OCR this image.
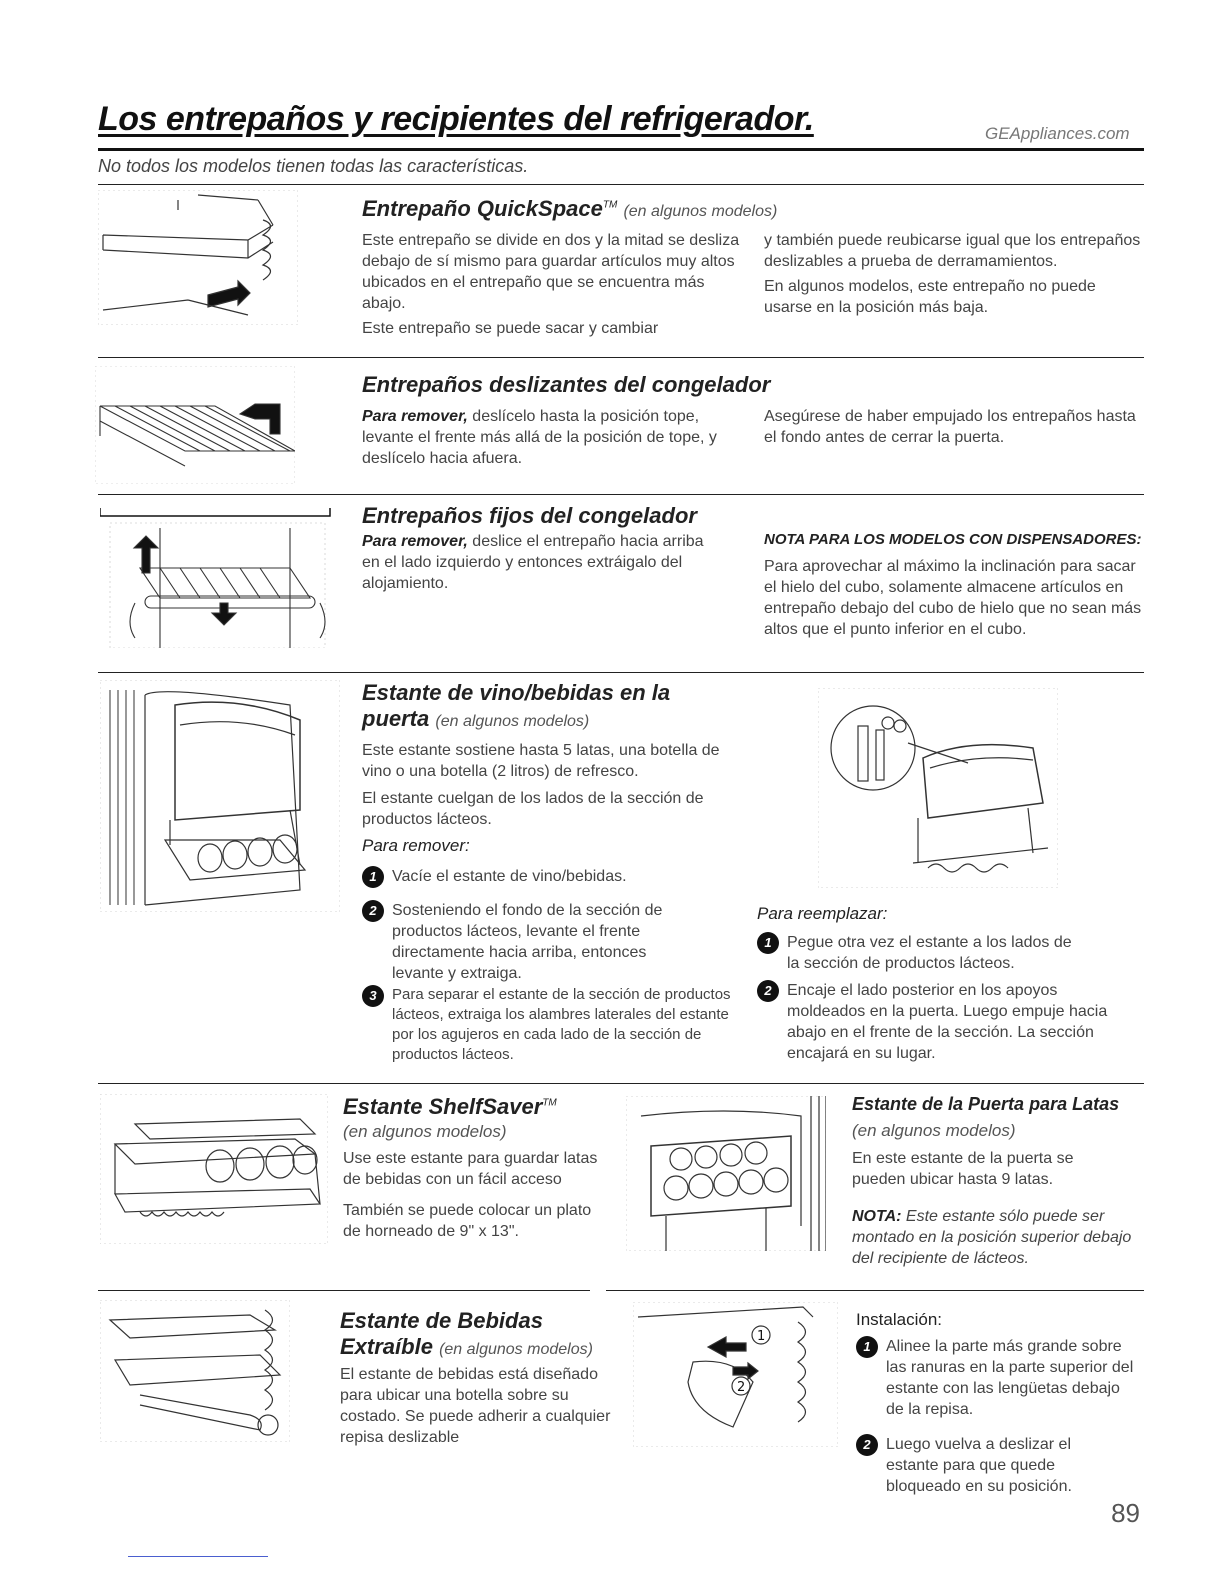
Los entrepaños y recipientes del refrigerador.	GEAppliances.com
No todos los modelos tienen todas las características.
Entrepaño QuickSpace™ (en algunos modelos)
Este entrepaño se divide en dos y la mitad se desliza debajo de sí mismo para guardar artículos muy altos ubicados en el entrepaño que se encuentra más abajo.
Este entrepaño se puede sacar y cambiar
y también puede reubicarse igual que los entrepaños deslizables a prueba de derramamientos.
En algunos modelos, este entrepaño no puede usarse en la posición más baja.
Entrepaños deslizantes del congelador
Para remover, deslícelo hasta la posición tope, levante el frente más allá de la posición de tope, y deslícelo hacia afuera.
Asegúrese de haber empujado los entrepaños hasta el fondo antes de cerrar la puerta.
Entrepaños fijos del congelador
Para remover, deslice el entrepaño hacia arriba en el lado izquierdo y entonces extráigalo del alojamiento.
NOTA PARA LOS MODELOS CON DISPENSADORES:
Para aprovechar al máximo la inclinación para sacar el hielo del cubo, solamente almacene artículos en entrepaño debajo del cubo de hielo que no sean más altos que el punto inferior en el cubo.
Estante de vino/bebidas en la
puerta (en algunos modelos)
Este estante sostiene hasta 5 latas, una botella de vino o una botella (2 litros) de refresco.
El estante cuelgan de los lados de la sección de productos lácteos.
Para remover:
1 Vacíe el estante de vino/bebidas.
2 Sosteniendo el fondo de la sección de productos lácteos, levante el frente directamente hacia arriba, entonces levante y extraiga.
3	Para separar el estante de la sección de productos lácteos, extraiga los alambres laterales del estante por los agujeros en cada lado de la sección de productos lácteos.
Para reemplazar:
1 Pegue otra vez el estante a los lados de la sección de productos lácteos.
2 Encaje el lado posterior en los apoyos moldeados en la puerta. Luego empuje hacia abajo en el frente de la sección. La sección encajará en su lugar.
Estante ShelfSaver™
(en algunos modelos)
Use este estante para guardar latas de bebidas con un fácil acceso
También se puede colocar un plato de horneado de 9" x 13".
Estante de la Puerta para Latas
(en algunos modelos)
En este estante de la puerta se pueden ubicar hasta 9 latas.
NOTA: Este estante sólo puede ser montado en la posición superior debajo del recipiente de lácteos.
Estante de Bebidas
Extraíble (en algunos modelos)
El estante de bebidas está diseñado para ubicar una botella sobre su costado. Se puede adherir a cualquier repisa deslizable
1
2
Instalación:
1 Alinee la parte más grande sobre las ranuras en la parte superior del estante con las lengüetas debajo de la repisa.
2 Luego vuelva a deslizar el estante para que quede bloqueado en su posición.
89
